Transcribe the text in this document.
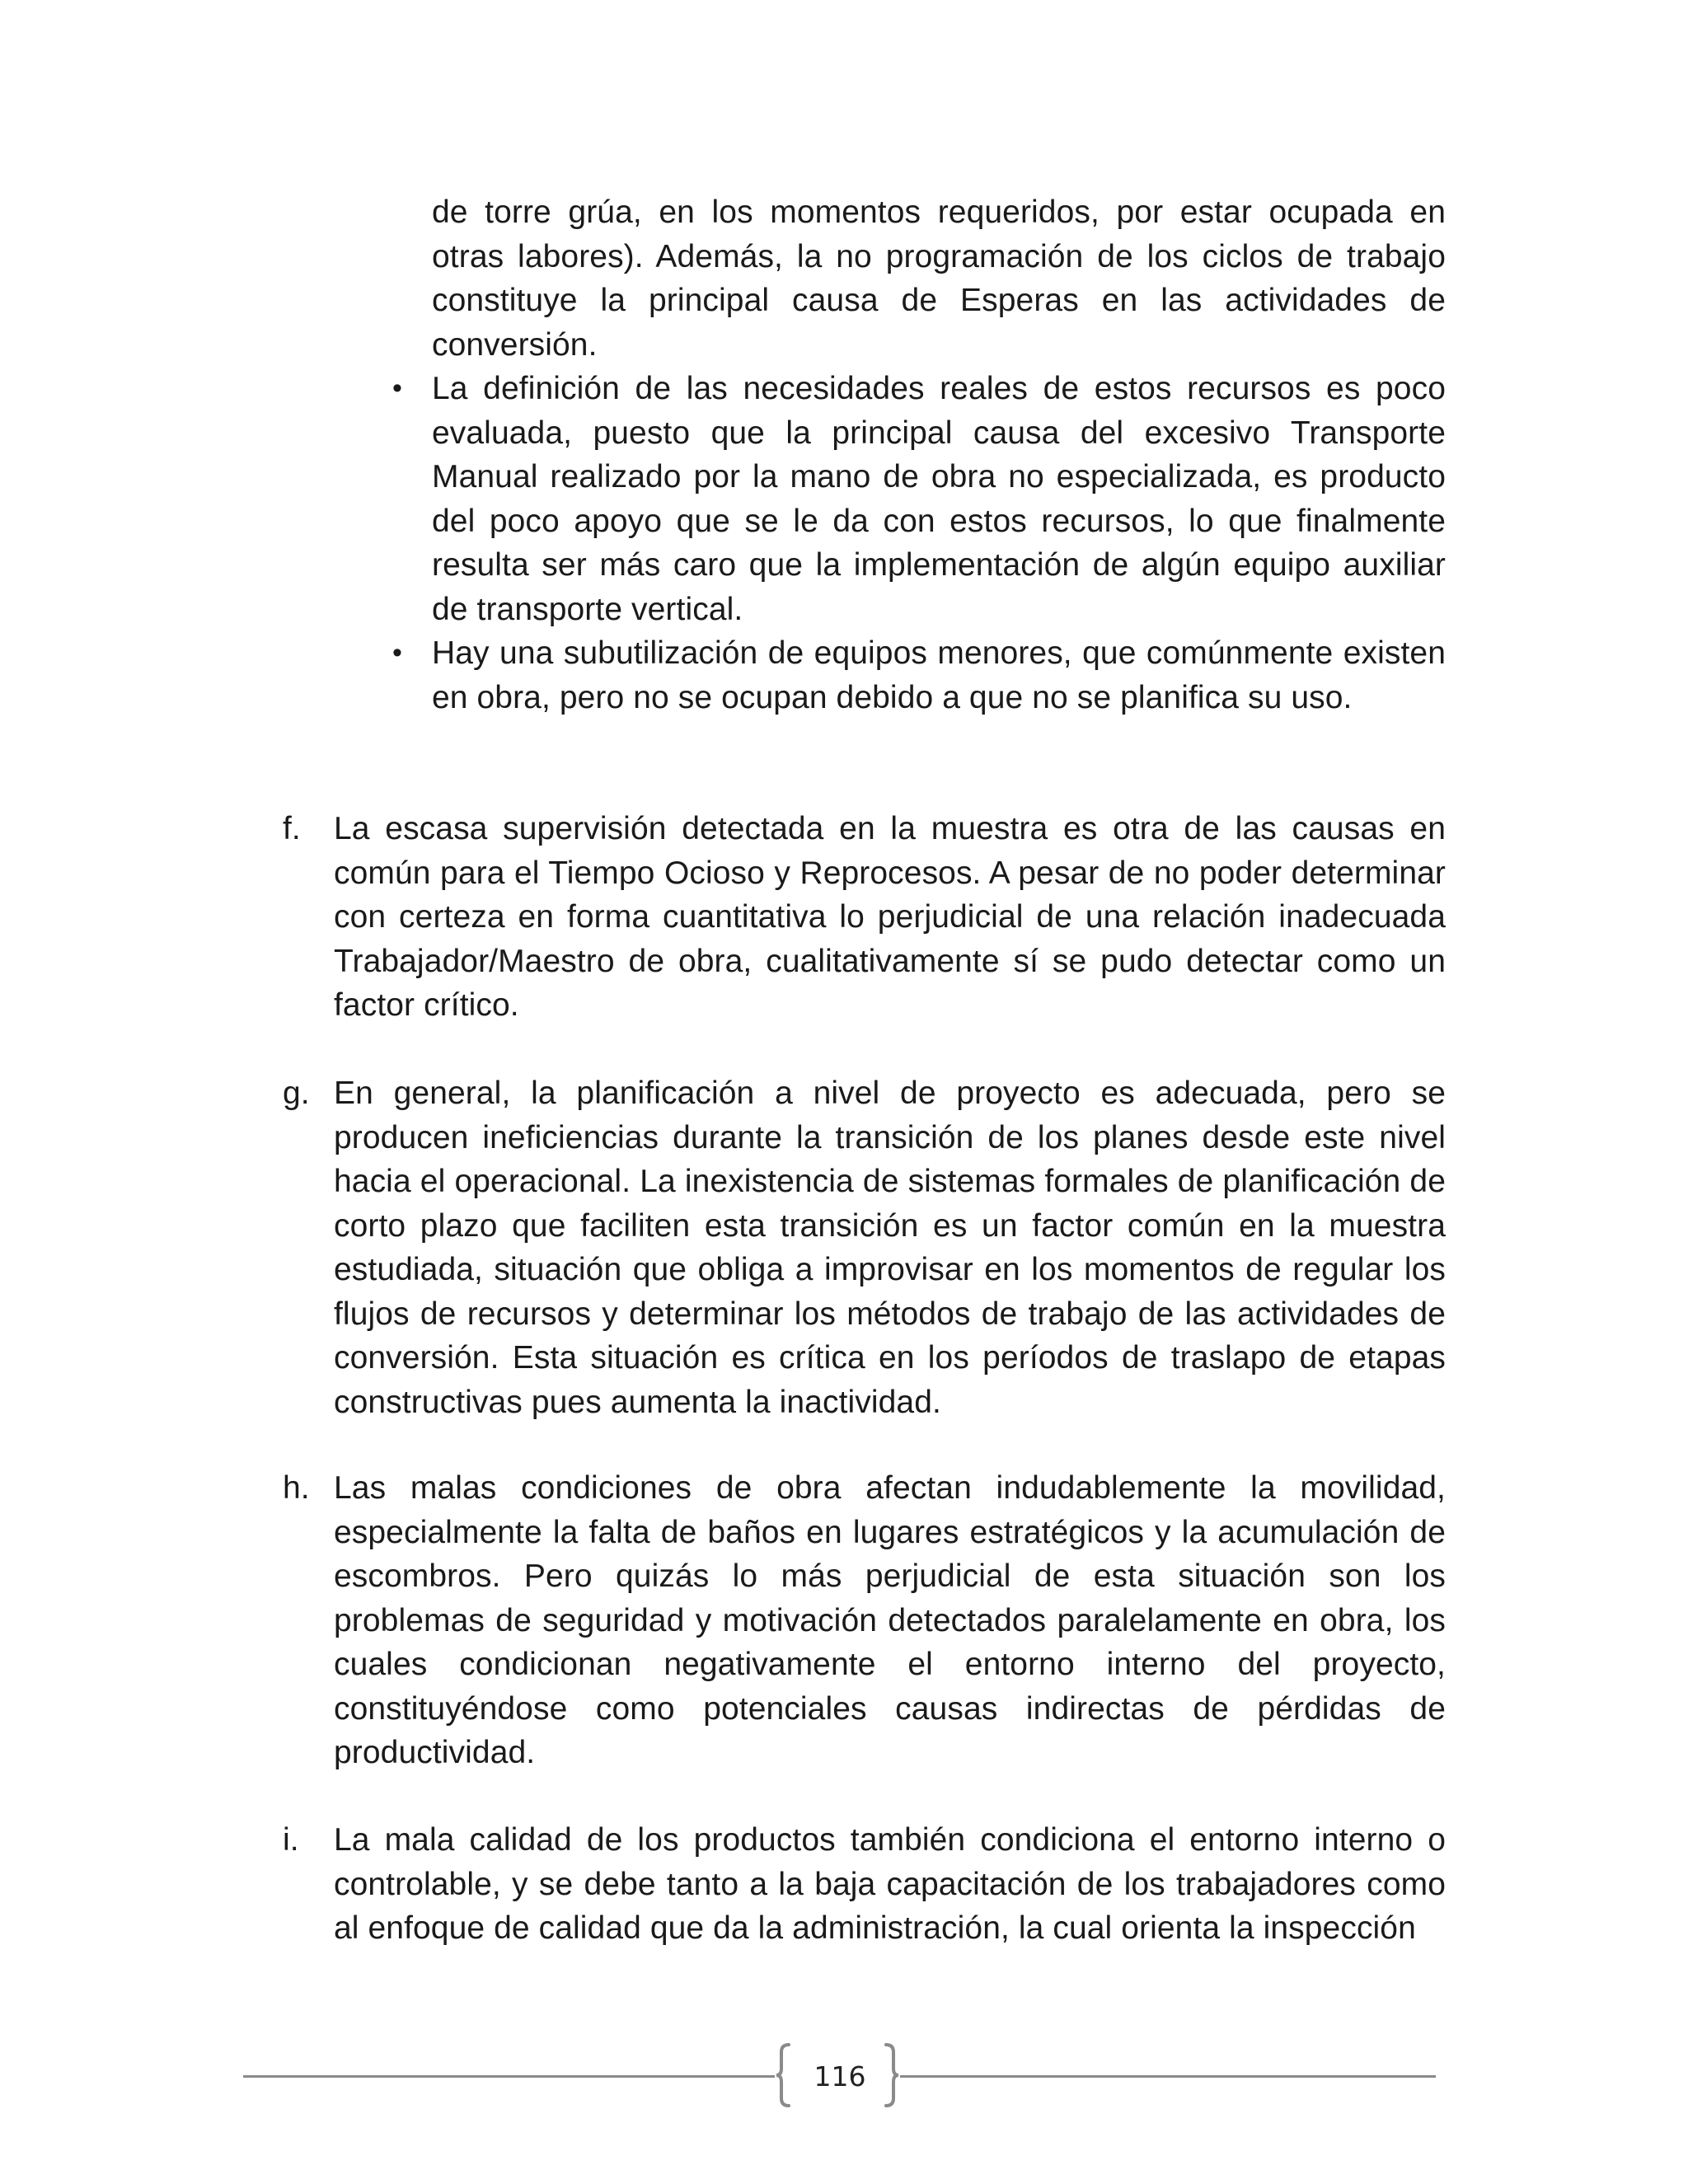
de torre grúa, en los momentos requeridos, por estar ocupada en otras labores). Además, la no programación de los ciclos de trabajo constituye la principal causa de Esperas en las actividades de conversión.

• La definición de las necesidades reales de estos recursos es poco evaluada, puesto que la principal causa del excesivo Transporte Manual realizado por la mano de obra no especializada, es producto del poco apoyo que se le da con estos recursos, lo que finalmente resulta ser más caro que la implementación de algún equipo auxiliar de transporte vertical.
• Hay una subutilización de equipos menores, que comúnmente existen en obra, pero no se ocupan debido a que no se planifica su uso.
f.	La escasa supervisión detectada en la muestra es otra de las causas en común para el Tiempo Ocioso y Reprocesos. A pesar de no poder determinar con certeza en forma cuantitativa lo perjudicial de una relación inadecuada Trabajador/Maestro de obra, cualitativamente sí se pudo detectar como un factor crítico.
g. En general, la planificación a nivel de proyecto es adecuada, pero se producen ineficiencias durante la transición de los planes desde este nivel hacia el operacional. La inexistencia de sistemas formales de planificación de corto plazo que faciliten esta transición es un factor común en la muestra estudiada, situación que obliga a improvisar en los momentos de regular los flujos de recursos y determinar los métodos de trabajo de las actividades de conversión. Esta situación es crítica en los períodos de traslapo de etapas constructivas pues aumenta la inactividad.
h. Las malas condiciones de obra afectan indudablemente la movilidad, especialmente la falta de baños en lugares estratégicos y la acumulación de escombros. Pero quizás lo más perjudicial de esta situación son los problemas de seguridad y motivación detectados paralelamente en obra, los cuales condicionan negativamente el entorno interno del proyecto, constituyéndose como potenciales causas indirectas de pérdidas de productividad.
i.	La mala calidad de los productos también condiciona el entorno interno o controlable, y se debe tanto a la baja capacitación de los trabajadores como al enfoque de calidad que da la administración, la cual orienta la inspección
116
